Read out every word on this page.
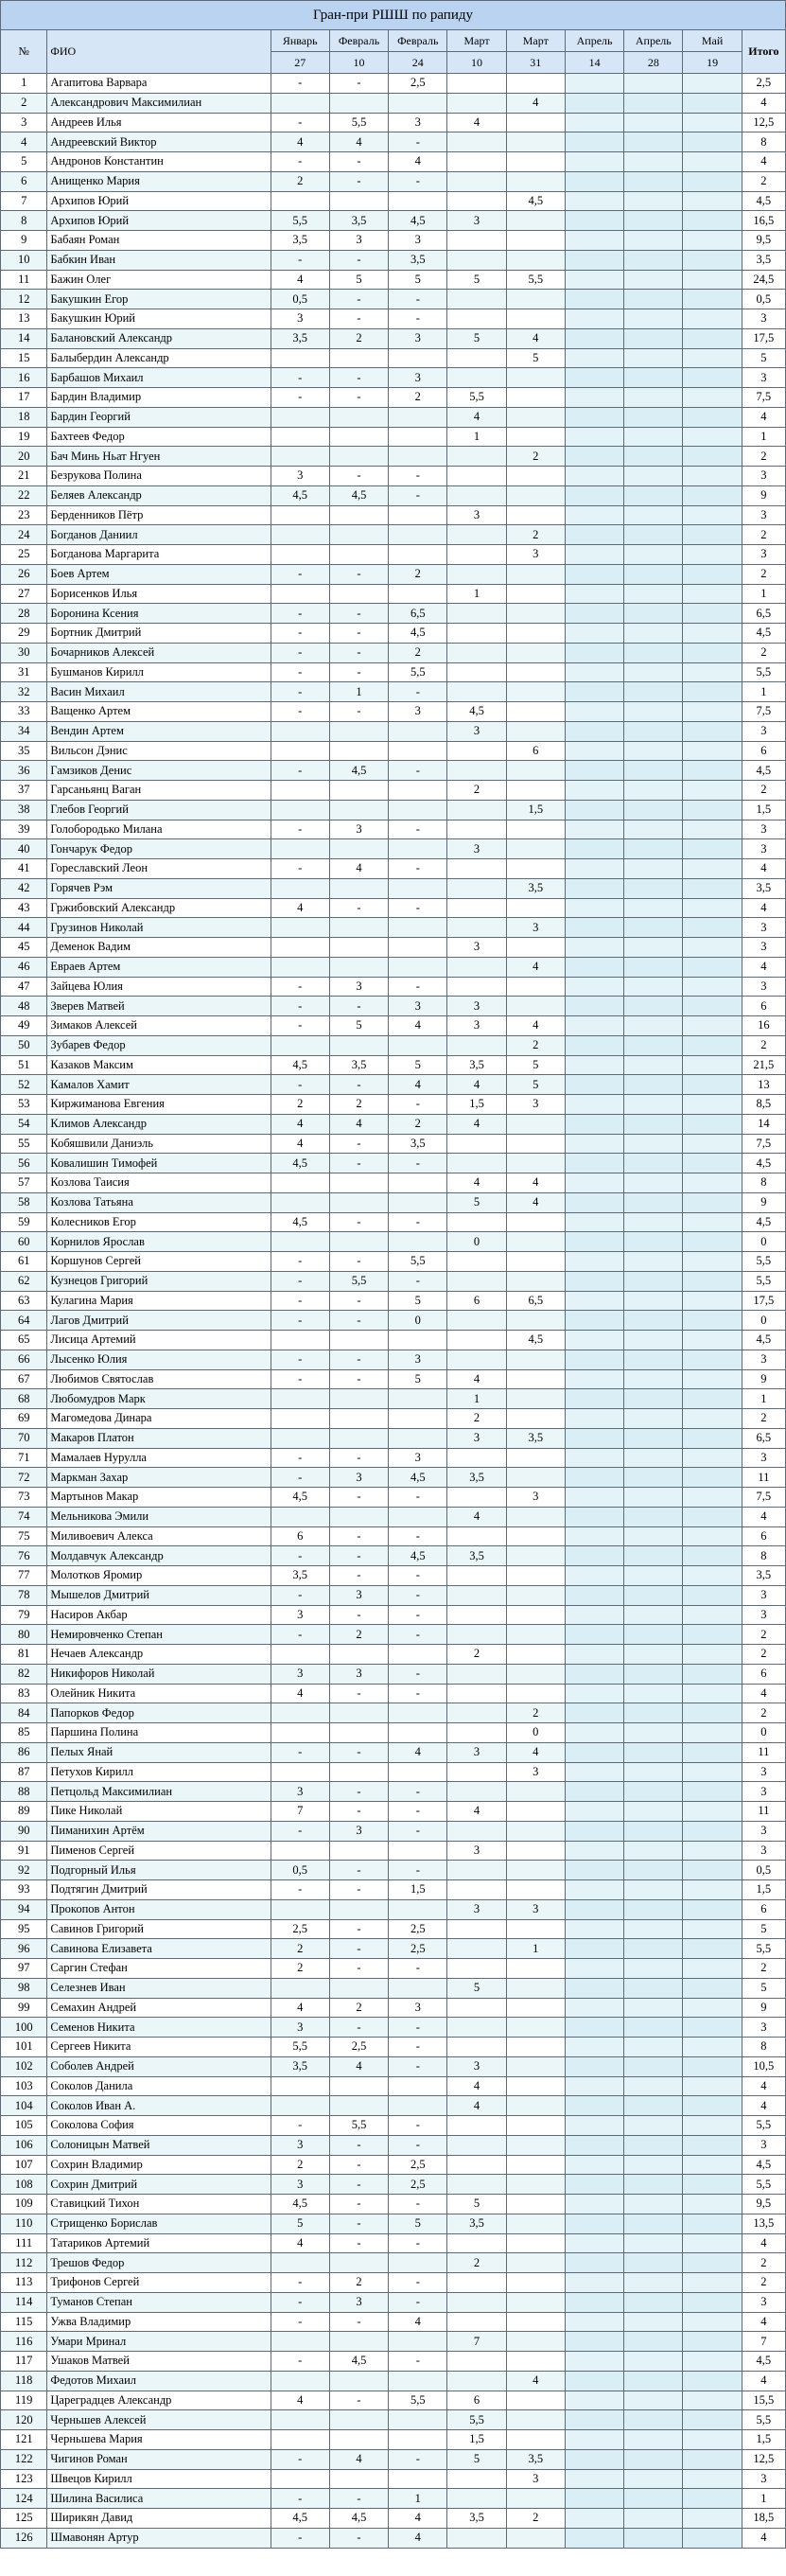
Гран-при РШШ по рапиду										
№	ФИО	Январь	Февраль	Февраль	Март	Март	Апрель	Апрель	Май	Итого
		27	10	24	10	31	14	28	19	
1	Агапитова Варвара	-	-	2,5						2,5
2	Александрович Максимилиан					4				4
3	Андреев Илья	-	5,5	3	4					12,5
4	Андреевский Виктор	4	4	-						8
5	Андронов Константин	-	-	4						4
6	Анищенко Мария	2	-	-						2
7	Архипов Юрий					4,5				4,5
8	Архипов Юрий	5,5	3,5	4,5	3					16,5
9	Бабаян Роман	3,5	3	3						9,5
10	Бабкин Иван	-	-	3,5						3,5
11	Бажин Олег	4	5	5	5	5,5				24,5
12	Бакушкин Егор	0,5	-	-						0,5
13	Бакушкин Юрий	3	-	-						3
14	Балановский Александр	3,5	2	3	5	4				17,5
15	Балыбердин Александр					5				5
16	Барбашов Михаил	-	-	3						3
17	Бардин Владимир	-	-	2	5,5					7,5
18	Бардин Георгий				4					4
19	Бахтеев Федор				1					1
20	Бач Минь Ньат Нгуен					2				2
21	Безрукова Полина	3	-	-						3
22	Беляев Александр	4,5	4,5	-						9
23	Берденников Пётр				3					3
24	Богданов Даниил					2				2
25	Богданова Маргарита					3				3
26	Боев Артем	-	-	2						2
27	Борисенков Илья				1					1
28	Боронина Ксения	-	-	6,5						6,5
29	Бортник Дмитрий	-	-	4,5						4,5
30	Бочарников Алексей	-	-	2						2
31	Бушманов Кирилл	-	-	5,5						5,5
32	Васин Михаил	-	1	-						1
33	Ващенко Артем	-	-	3	4,5					7,5
34	Вендин Артем				3					3
35	Вильсон Дэнис					6				6
36	Гамзиков Денис	-	4,5	-						4,5
37	Гарсаньянц Ваган				2					2
38	Глебов Георгий					1,5				1,5
39	Голобородько Милана	-	3	-						3
40	Гончарук Федор				3					3
41	Гореславский Леон	-	4	-						4
42	Горячев Рэм					3,5				3,5
43	Гржибовский Александр	4	-	-						4
44	Грузинов Николай					3				3
45	Деменок Вадим				3					3
46	Евраев Артем					4				4
47	Зайцева Юлия	-	3	-						3
48	Зверев Матвей	-	-	3	3					6
49	Зимаков Алексей	-	5	4	3	4				16
50	Зубарев Федор					2				2
51	Казаков Максим	4,5	3,5	5	3,5	5				21,5
52	Камалов Хамит	-	-	4	4	5				13
53	Киржиманова Евгения	2	2	-	1,5	3				8,5
54	Климов Александр	4	4	2	4					14
55	Кобяшвили Даниэль	4	-	3,5						7,5
56	Ковалишин Тимофей	4,5	-	-						4,5
57	Козлова Таисия				4	4				8
58	Козлова Татьяна				5	4				9
59	Колесников Егор	4,5	-	-						4,5
60	Корнилов Ярослав				0					0
61	Коршунов Сергей	-	-	5,5						5,5
62	Кузнецов Григорий	-	5,5	-						5,5
63	Кулагина Мария	-	-	5	6	6,5				17,5
64	Лагов Дмитрий	-	-	0						0
65	Лисица Артемий					4,5				4,5
66	Лысенко Юлия	-	-	3						3
67	Любимов Святослав	-	-	5	4					9
68	Любомудров Марк				1					1
69	Магомедова Динара				2					2
70	Макаров Платон				3	3,5				6,5
71	Мамалаев Нурулла	-	-	3						3
72	Маркман Захар	-	3	4,5	3,5					11
73	Мартынов Макар	4,5	-	-		3				7,5
74	Мельникова Эмили				4					4
75	Миливоевич Алекса	6	-	-						6
76	Молдавчук Александр	-	-	4,5	3,5					8
77	Молотков Яромир	3,5	-	-						3,5
78	Мышелов Дмитрий	-	3	-						3
79	Насиров Акбар	3	-	-						3
80	Немировченко Степан	-	2	-						2
81	Нечаев Александр				2					2
82	Никифоров Николай	3	3	-						6
83	Олейник Никита	4	-	-						4
84	Папорков Федор					2				2
85	Паршина Полина					0				0
86	Пелых Янай	-	-	4	3	4				11
87	Петухов Кирилл					3				3
88	Петцольд Максимилиан	3	-	-						3
89	Пике Николай	7	-	-	4					11
90	Пиманихин Артём	-	3	-						3
91	Пименов Сергей				3					3
92	Подгорный Илья	0,5	-	-						0,5
93	Подтягин Дмитрий	-	-	1,5						1,5
94	Прокопов Антон				3	3				6
95	Савинов Григорий	2,5	-	2,5						5
96	Савинова Елизавета	2	-	2,5		1				5,5
97	Саргин Стефан	2	-	-						2
98	Селезнев Иван				5					5
99	Семахин Андрей	4	2	3						9
100	Семенов Никита	3	-	-						3
101	Сергеев Никита	5,5	2,5	-						8
102	Соболев Андрей	3,5	4	-	3					10,5
103	Соколов Данила				4					4
104	Соколов Иван А.				4					4
105	Соколова София	-	5,5	-						5,5
106	Солоницын Матвей	3	-	-						3
107	Сохрин Владимир	2	-	2,5						4,5
108	Сохрин Дмитрий	3	-	2,5						5,5
109	Ставицкий Тихон	4,5	-	-	5					9,5
110	Стрищенко Борислав	5	-	5	3,5					13,5
111	Татариков Артемий	4	-	-						4
112	Трешов Федор				2					2
113	Трифонов Сергей	-	2	-						2
114	Туманов Степан	-	3	-						3
115	Ужва Владимир	-	-	4						4
116	Умари Мринал				7					7
117	Ушаков Матвей	-	4,5	-						4,5
118	Федотов Михаил					4				4
119	Цареградцев Александр	4	-	5,5	6					15,5
120	Черньшев Алексей				5,5					5,5
121	Черньшева Мария				1,5					1,5
122	Чигинов Роман	-	4	-	5	3,5				12,5
123	Швецов Кирилл					3				3
124	Шилина Василиса	-	-	1						1
125	Ширикян Давид	4,5	4,5	4	3,5	2				18,5
126	Шмавонян Артур	-	-	4						4
